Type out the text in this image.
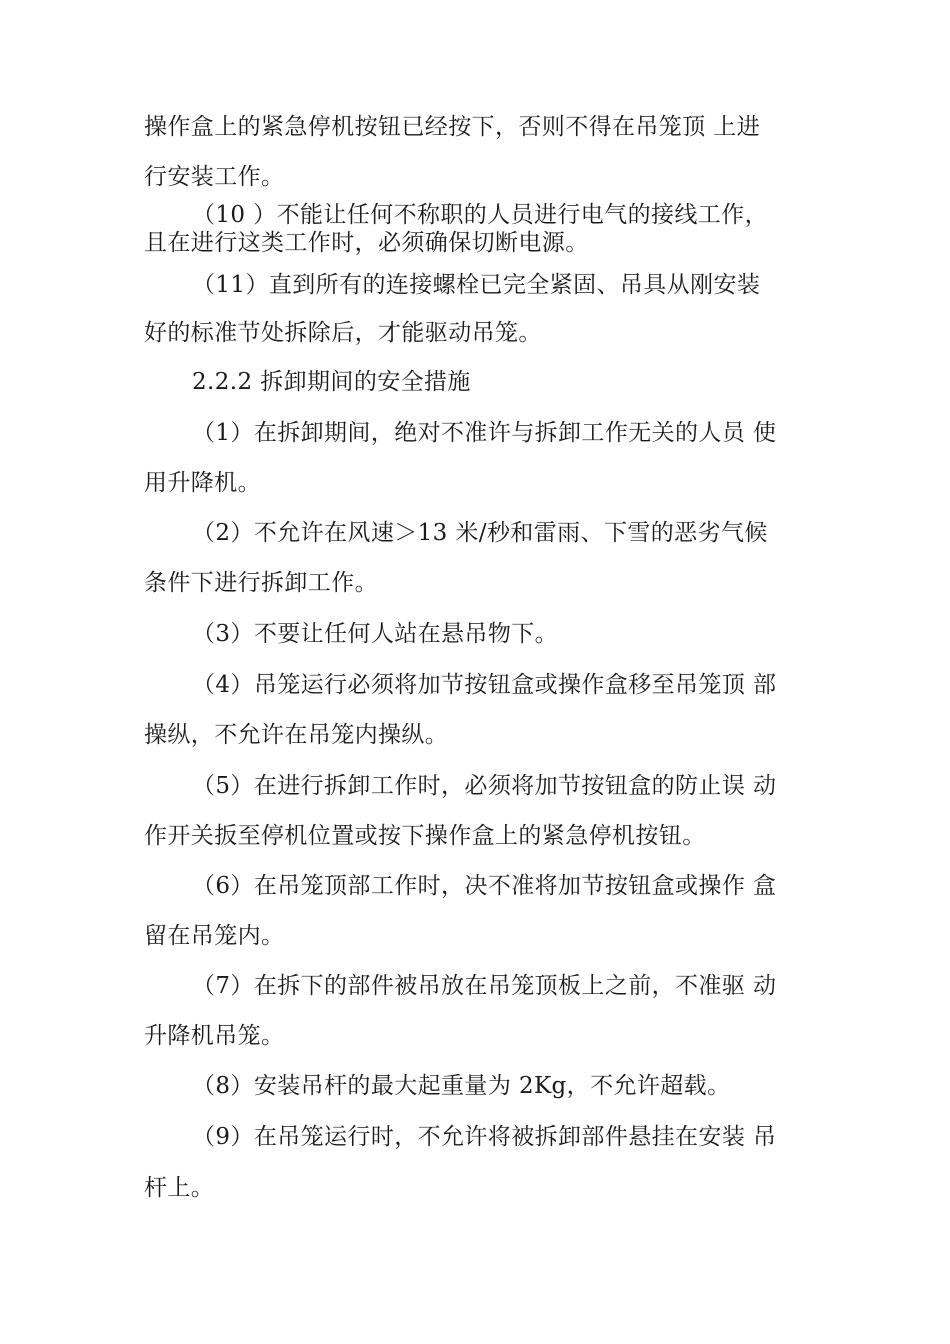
操作盒上的紧急停机按钮已经按下，否则不得在吊笼顶 上进
行安装工作。
（10 ）不能让任何不称职的人员进行电气的接线工作，
且在进行这类工作时，必须确保切断电源。
（11）直到所有的连接螺栓已完全紧固、吊具从刚安装
好的标准节处拆除后，才能驱动吊笼。
2.2.2 拆卸期间的安全措施
（1）在拆卸期间，绝对不准许与拆卸工作无关的人员 使
用升降机。
（2）不允许在风速＞13 米/秒和雷雨、下雪的恶劣气候
条件下进行拆卸工作。
（3）不要让任何人站在悬吊物下。
（4）吊笼运行必须将加节按钮盒或操作盒移至吊笼顶 部
操纵，不允许在吊笼内操纵。
（5）在进行拆卸工作时，必须将加节按钮盒的防止误 动
作开关扳至停机位置或按下操作盒上的紧急停机按钮。
（6）在吊笼顶部工作时，决不准将加节按钮盒或操作 盒
留在吊笼内。
（7）在拆下的部件被吊放在吊笼顶板上之前，不准驱 动
升降机吊笼。
（8）安装吊杆的最大起重量为 2Kg，不允许超载。
（9）在吊笼运行时，不允许将被拆卸部件悬挂在安装 吊
杆上。
